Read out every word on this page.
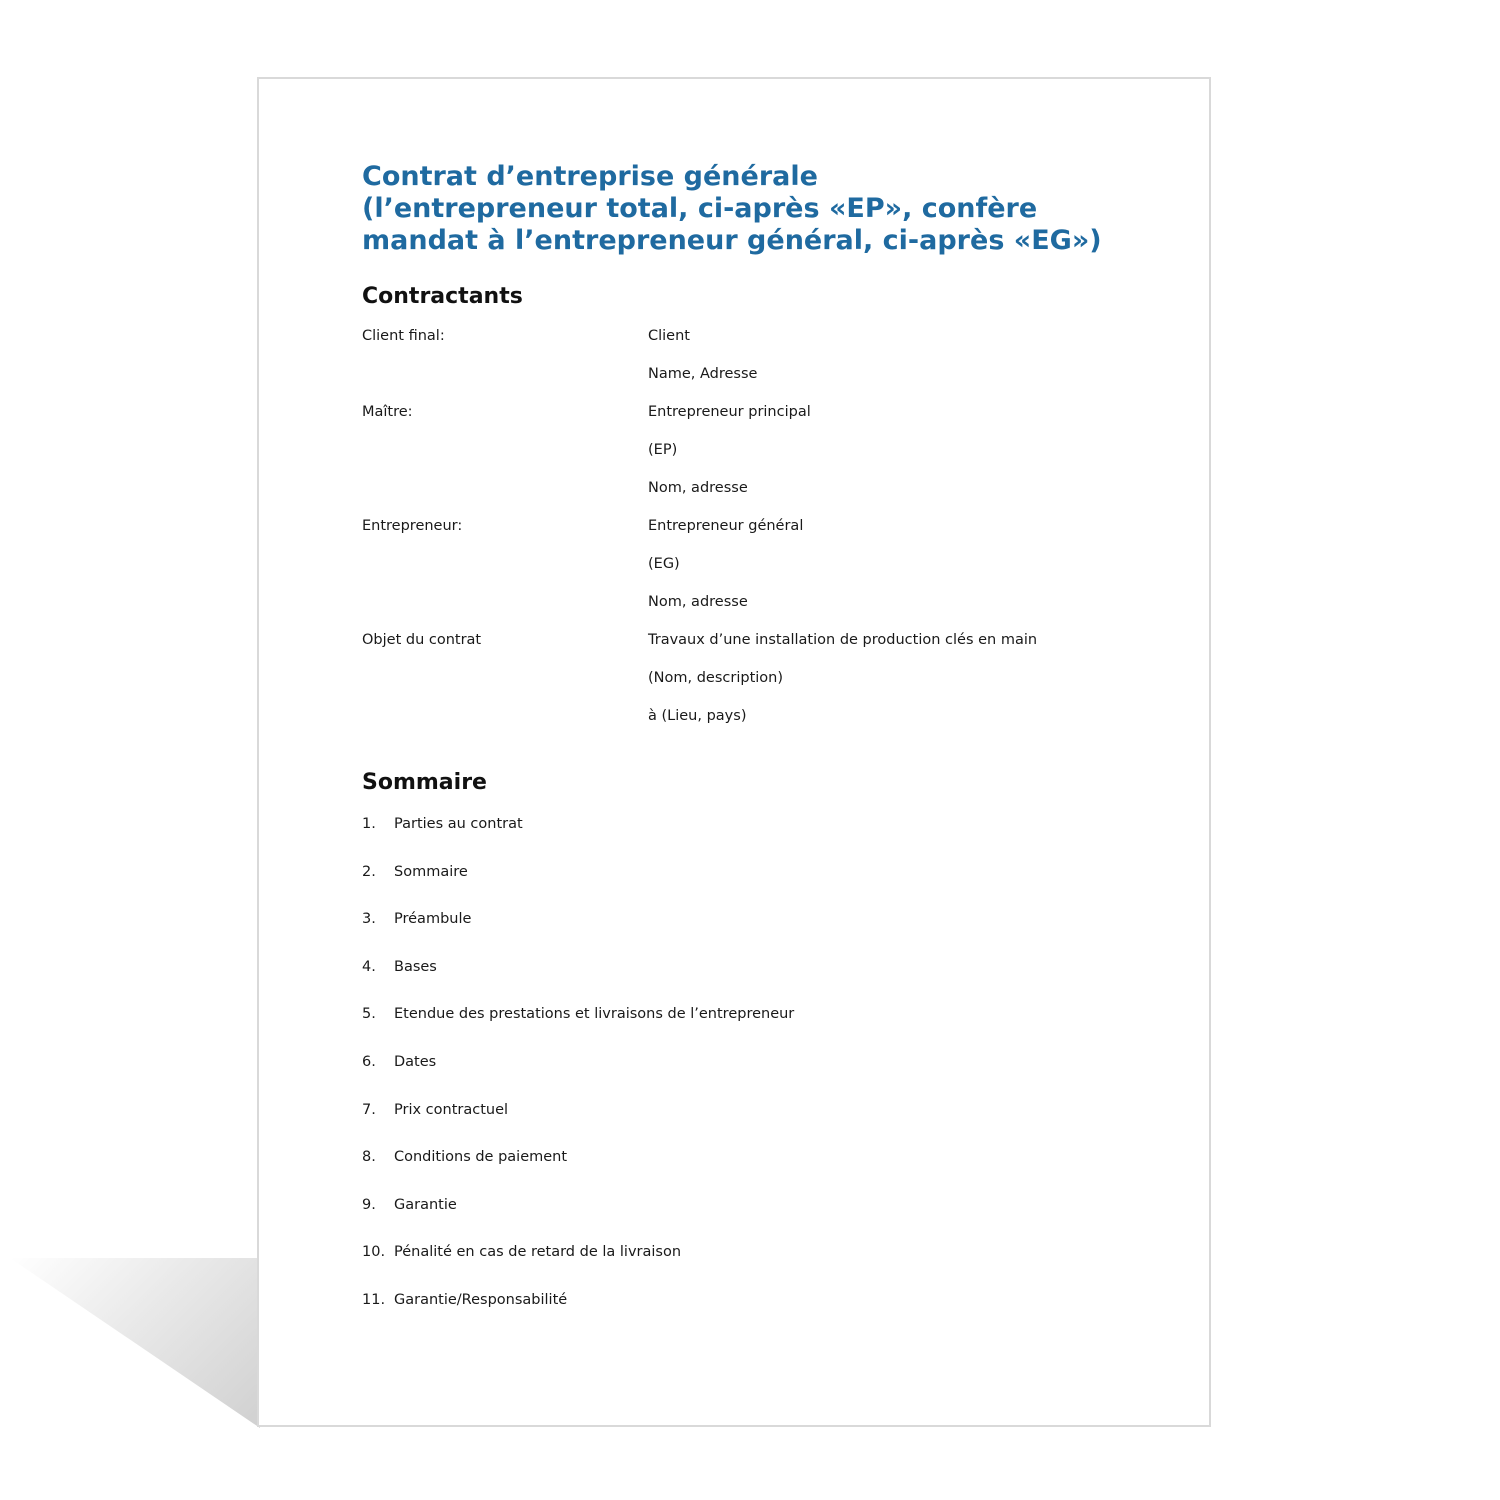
Contrat d’entreprise générale
(l’entrepreneur total, ci-après «EP», confère
mandat à l’entrepreneur général, ci-après «EG»)
Contractants
Client final:	Client
Name, Adresse
Maître:	Entrepreneur principal
(EP)
Nom, adresse
Entrepreneur:	Entrepreneur général
(EG)
Nom, adresse
Objet du contrat	Travaux d’une installation de production clés en main
(Nom, description)
à (Lieu, pays)
Sommaire
1.	Parties au contrat
2.	Sommaire
3.	Préambule
4.	Bases
5.	Etendue des prestations et livraisons de l’entrepreneur
6.	Dates
7.	Prix contractuel
8.	Conditions de paiement
9.	Garantie
10. Pénalité en cas de retard de la livraison
11. Garantie/Responsabilité
